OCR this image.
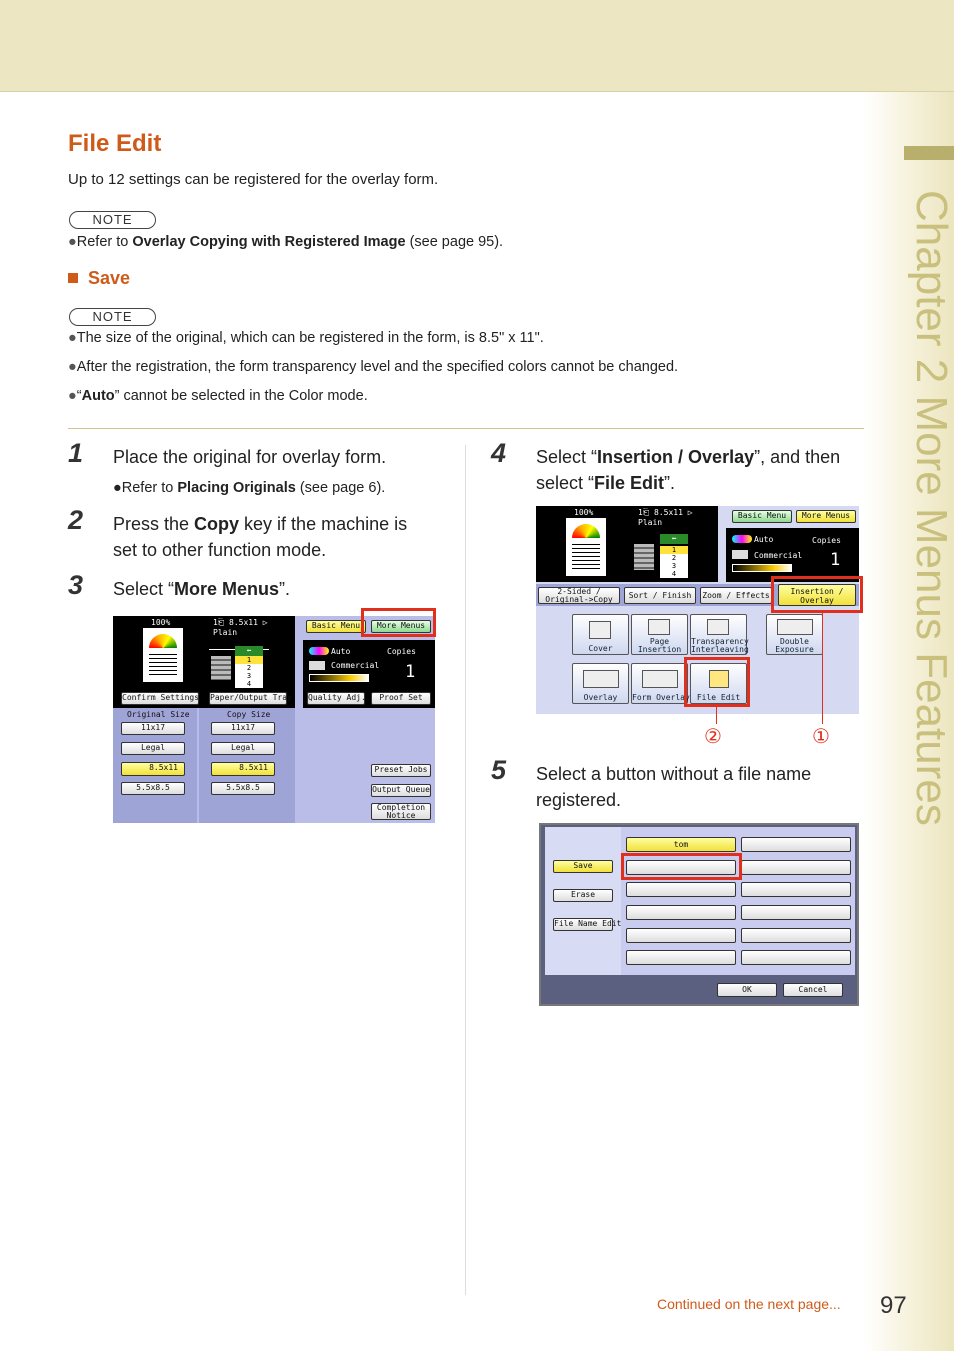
Chapter 2 More Menus Features
File Edit
Up to 12 settings can be registered for the overlay form.
NOTE
●Refer to Overlay Copying with Registered Image (see page 95).
Save
NOTE
●The size of the original, which can be registered in the form, is 8.5" x 11".
●After the registration, the form transparency level and the specified colors cannot be changed.
●“Auto” cannot be selected in the Color mode.
1 Place the original for overlay form.
●Refer to Placing Originals (see page 6).
2 Press the Copy key if the machine is
set to other function mode.
3 Select “More Menus”.
100%	1⎗ 8.5x11 ▷
Plain
⬅
1
2
3
4
Basic Menu	More Menus
Auto	Copies
Commercial 1
Confirm Settings Paper/Output Tray Quality Adj.	Proof Set
Original Size	Copy Size
11x17
Legal
8.5x11
5.5x8.5
11x17
Legal
8.5x11
5.5x8.5
Preset Jobs
Output Queue
Completion Notice
4 Select “Insertion / Overlay”, and then
select “File Edit”.
100%	1⎗ 8.5x11 ▷
Plain
⬅
1
2
3
4
Basic Menu	More Menus
Auto	Copies
Commercial 1
2-Sided / Original->Copy	Sort / Finish	Zoom / Effects	Insertion / Overlay
Cover
Page Insertion
Transparency Interleaving
Double Exposure
Overlay	Form Overlay File Edit
①
②
5 Select a button without a file name
registered.
Save
Erase
File Name Edit
tom
OK	Cancel
Continued on the next page... 97
